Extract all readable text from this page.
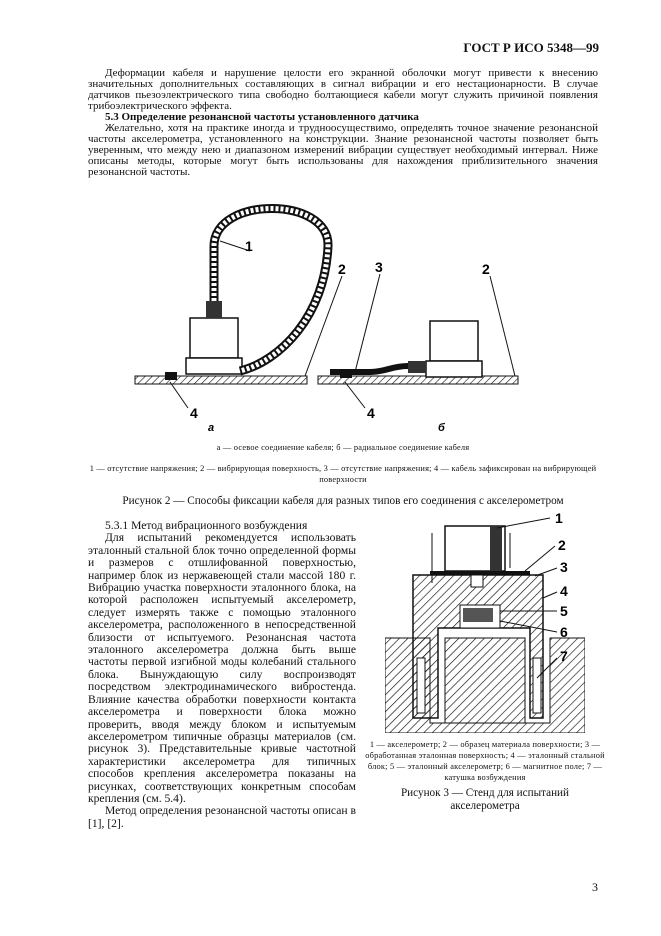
ГОСТ Р ИСО 5348—99
Деформации кабеля и нарушение целости его экранной оболочки могут привести к внесению значительных дополнительных составляющих в сигнал вибрации и его нестационарности. В случае датчиков пьезоэлектрического типа свободно болтающиеся кабели могут служить причиной появления трибоэлектрического эффекта.
5.3 Определение резонансной частоты установленного датчика
Желательно, хотя на практике иногда и трудноосуществимо, определять точное значение резонансной частоты акселерометра, установленного на конструкции. Знание резонансной частоты позволяет быть уверенным, что между нею и диапазоном измерений вибрации существует необходимый интервал. Ниже описаны методы, которые могут быть использованы для нахождения приблизительного значения резонансной частоты.
1
2
4
а
3	2
4
б
а — осевое соединение кабеля; б — радиальное соединение кабеля
1 — отсутствие напряжения; 2 — вибрирующая поверхность, 3 — отсутствие напряжения; 4 — кабель зафиксирован на вибрирующей поверхности
Рисунок 2 — Способы фиксации кабеля для разных типов его соединения с акселерометром
5.3.1 Метод вибрационного возбуждения
Для испытаний рекомендуется использовать эталонный стальной блок точно определенной формы и размеров с отшлифованной поверхностью, например блок из нержавеющей стали массой 180 г. Вибрацию участка поверхности эталонного блока, на которой расположен испытуемый акселерометр, следует измерять также с помощью эталонного акселерометра, расположенного в непосредственной близости от испытуемого. Резонансная частота эталонного акселерометра должна быть выше частоты первой изгибной моды колебаний стального блока. Вынуждающую силу воспроизводят посредством электродинамического вибростенда. Влияние качества обработки поверхности контакта акселерометра и поверхности блока можно проверить, вводя между блоком и испытуемым акселерометром типичные образцы материалов (см. рисунок 3). Представительные кривые частотной характеристики акселерометра для типичных способов крепления акселерометра показаны на рисунках, соответствующих конкретным способам крепления (см. 5.4).
Метод определения резонансной частоты описан в [1], [2].
1
2
3
4
5
6
7
1 — акселерометр; 2 — образец материала поверхности; 3 — обработанная эталонная поверхность; 4 — эталонный стальной блок; 5 — эталонный акселерометр; 6 — магнитное поле; 7 — катушка возбуждения
Рисунок 3 — Стенд для испытаний акселерометра
3
